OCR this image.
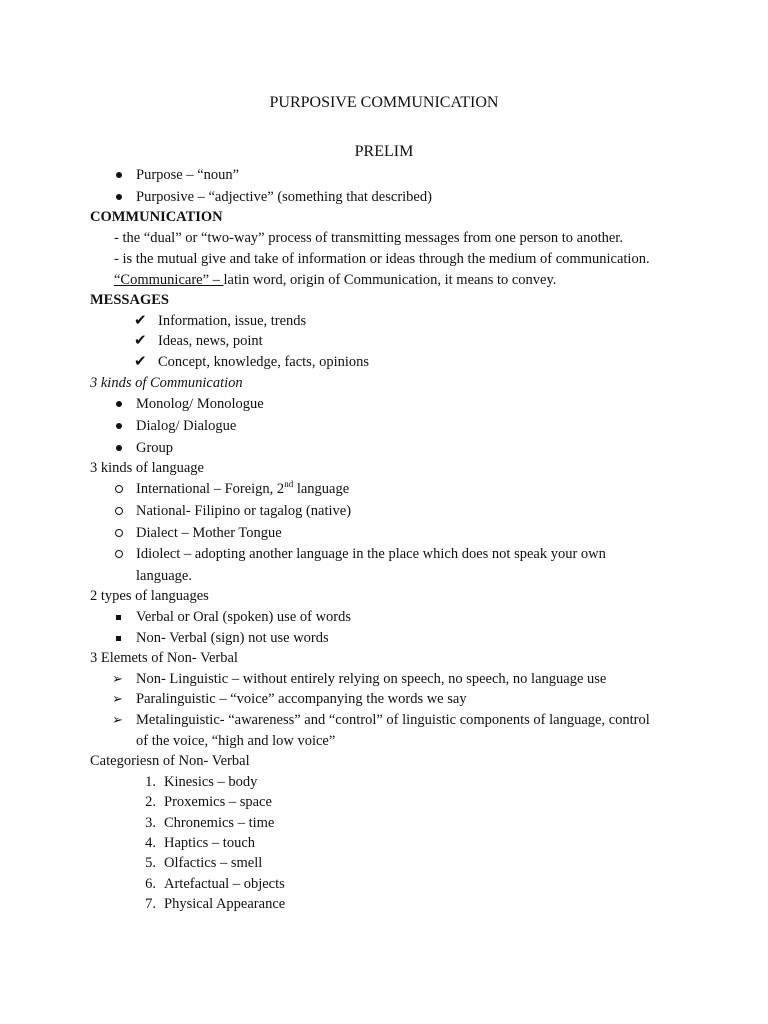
PURPOSIVE COMMUNICATION
PRELIM
Purpose – “noun”
Purposive – “adjective” (something that described)
COMMUNICATION
- the “dual” or “two-way” process of transmitting messages from one person to another.
- is the mutual give and take of information or ideas through the medium of communication.
“Communicare” – latin word, origin of Communication, it means to convey.
MESSAGES
✔ Information, issue, trends
✔ Ideas, news, point
✔ Concept, knowledge, facts, opinions
3 kinds of Communication
Monolog/ Monologue
Dialog/ Dialogue
Group
3 kinds of language
International – Foreign, 2nd language
National- Filipino or tagalog (native)
Dialect – Mother Tongue
Idiolect – adopting another language in the place which does not speak your own
language.
2 types of languages
Verbal or Oral (spoken) use of words
Non- Verbal (sign) not use words
3 Elemets of Non- Verbal
➢ Non- Linguistic – without entirely relying on speech, no speech, no language use
➢ Paralinguistic – “voice” accompanying the words we say
➢ Metalinguistic- “awareness” and “control” of linguistic components of language, control
of the voice, “high and low voice”
Categoriesn of Non- Verbal
1. Kinesics – body
2. Proxemics – space
3. Chronemics – time
4. Haptics – touch
5. Olfactics – smell
6. Artefactual – objects
7. Physical Appearance
